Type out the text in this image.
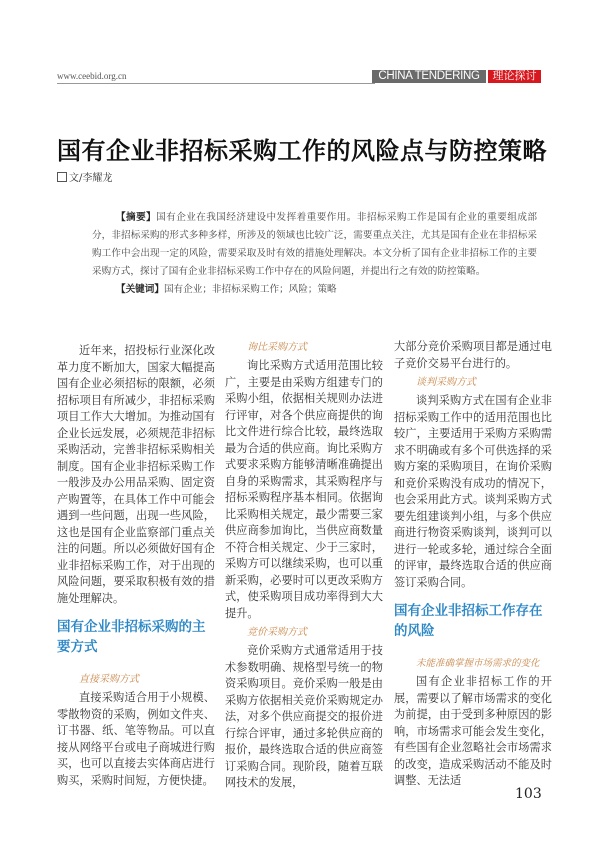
www.ceebid.org.cn	CHINA TENDERING	理论探讨
国有企业非招标采购工作的风险点与防控策略
文/李耀龙
【摘要】国有企业在我国经济建设中发挥着重要作用。非招标采购工作是国有企业的重要组成部分，非招标采购的形式多种多样，所涉及的领域也比较广泛，需要重点关注，尤其是国有企业在非招标采购工作中会出现一定的风险，需要采取及时有效的措施处理解决。本文分析了国有企业非招标工作的主要采购方式，探讨了国有企业非招标采购工作中存在的风险问题，并提出行之有效的防控策略。
【关键词】国有企业；非招标采购工作；风险；策略
近年来，招投标行业深化改革力度不断加大，国家大幅提高国有企业必须招标的限额，必须招标项目有所减少，非招标采购项目工作大大增加。为推动国有企业长远发展，必须规范非招标采购活动，完善非招标采购相关制度。国有企业非招标采购工作一般涉及办公用品采购、固定资产购置等，在具体工作中可能会遇到一些问题，出现一些风险，这也是国有企业监察部门重点关注的问题。所以必须做好国有企业非招标采购工作，对于出现的风险问题，要采取积极有效的措施处理解决。
国有企业非招标采购的主要方式
直接采购方式
直接采购适合用于小规模、零散物资的采购，例如文件夹、订书器、纸、笔等物品。可以直接从网络平台或电子商城进行购买，也可以直接去实体商店进行购买，采购时间短，方便快捷。
询比采购方式
询比采购方式适用范围比较广，主要是由采购方组建专门的采购小组，依据相关规则办法进行评审，对各个供应商提供的询比文件进行综合比较，最终选取最为合适的供应商。询比采购方式要求采购方能够清晰准确提出自身的采购需求，其采购程序与招标采购程序基本相同。依据询比采购相关规定，最少需要三家供应商参加询比，当供应商数量不符合相关规定、少于三家时，采购方可以继续采购，也可以重新采购，必要时可以更改采购方式，使采购项目成功率得到大大提升。
竞价采购方式
竞价采购方式通常适用于技术参数明确、规格型号统一的物资采购项目。竞价采购一般是由采购方依据相关竞价采购规定办法，对多个供应商提交的报价进行综合评审，通过多轮供应商的报价，最终选取合适的供应商签订采购合同。现阶段，随着互联网技术的发展，
大部分竞价采购项目都是通过电子竞价交易平台进行的。
谈判采购方式
谈判采购方式在国有企业非招标采购工作中的适用范围也比较广，主要适用于采购方采购需求不明确或有多个可供选择的采购方案的采购项目，在询价采购和竞价采购没有成功的情况下，也会采用此方式。谈判采购方式要先组建谈判小组，与多个供应商进行物资采购谈判，谈判可以进行一轮或多轮，通过综合全面的评审，最终选取合适的供应商签订采购合同。
国有企业非招标工作存在的风险
未能准确掌握市场需求的变化
国有企业非招标工作的开展，需要以了解市场需求的变化为前提，由于受到多种原因的影响，市场需求可能会发生变化，有些国有企业忽略社会市场需求的改变，造成采购活动不能及时调整、无法适
103
